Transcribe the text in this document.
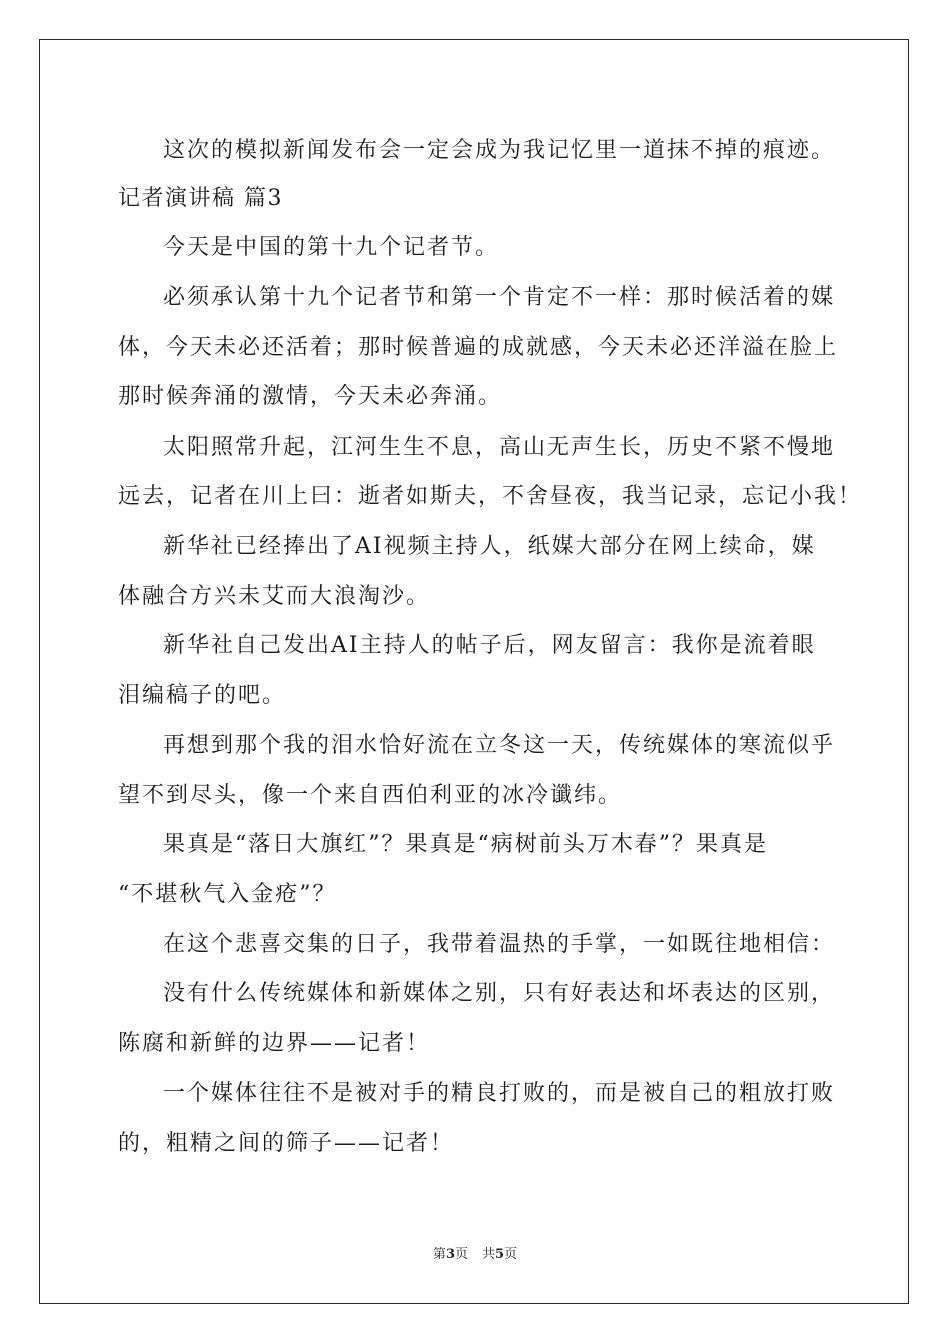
这次的模拟新闻发布会一定会成为我记忆里一道抹不掉的痕迹。
记者演讲稿 篇3
今天是中国的第十九个记者节。
必须承认第十九个记者节和第一个肯定不一样：那时候活着的媒
体，今天未必还活着；那时候普遍的成就感，今天未必还洋溢在脸上
那时候奔涌的激情，今天未必奔涌。
太阳照常升起，江河生生不息，高山无声生长，历史不紧不慢地
远去，记者在川上曰：逝者如斯夫，不舍昼夜，我当记录，忘记小我！
新华社已经捧出了AI视频主持人，纸媒大部分在网上续命，媒
体融合方兴未艾而大浪淘沙。
新华社自己发出AI主持人的帖子后，网友留言：我你是流着眼
泪编稿子的吧。
再想到那个我的泪水恰好流在立冬这一天，传统媒体的寒流似乎
望不到尽头，像一个来自西伯利亚的冰冷谶纬。
果真是“落日大旗红”？果真是“病树前头万木春”？果真是
“不堪秋气入金疮”？
在这个悲喜交集的日子，我带着温热的手掌，一如既往地相信：
没有什么传统媒体和新媒体之别，只有好表达和坏表达的区别，
陈腐和新鲜的边界——记者！
一个媒体往往不是被对手的精良打败的，而是被自己的粗放打败
的，粗精之间的筛子——记者！
第3页 共5页
